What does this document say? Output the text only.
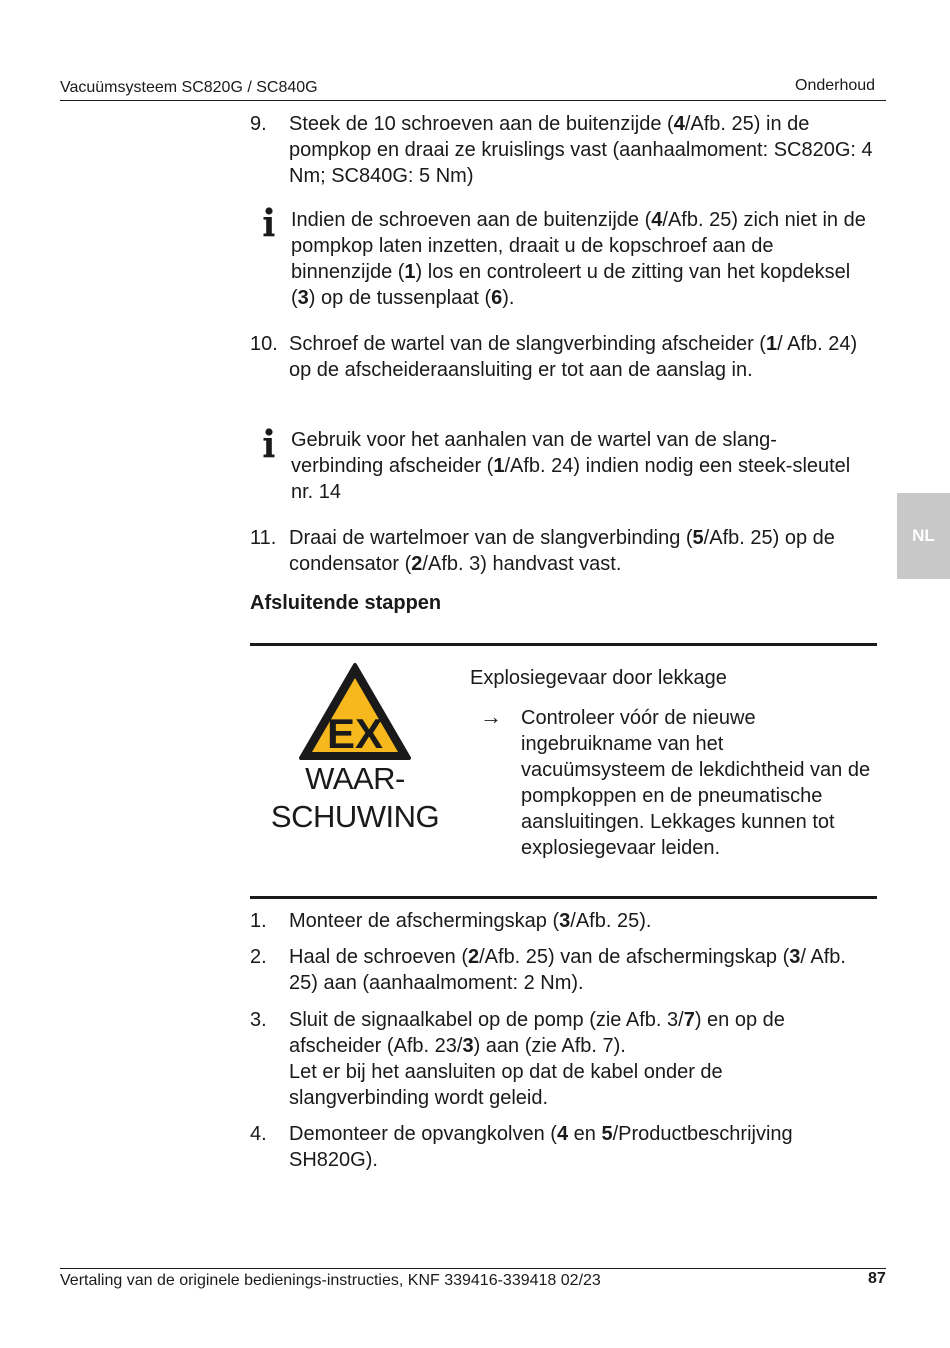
Vacuümsysteem SC820G / SC840G	Onderhoud
NL
9. Steek de 10 schroeven aan de buitenzijde (4/Afb. 25) in de pompkop en draai ze kruislings vast (aanhaalmoment: SC820G: 4 Nm; SC840G: 5 Nm)
Indien de schroeven aan de buitenzijde (4/Afb. 25) zich niet in de pompkop laten inzetten, draait u de kopschroef aan de binnenzijde (1) los en controleert u de zitting van het kopdeksel (3) op de tussenplaat (6).
10. Schroef de wartel van de slangverbinding afscheider (1/ Afb. 24) op de afscheideraansluiting er tot aan de aanslag in.
Gebruik voor het aanhalen van de wartel van de slang-verbinding afscheider (1/Afb. 24) indien nodig een steek-sleutel nr. 14
11. Draai de wartelmoer van de slangverbinding (5/Afb. 25) op de condensator (2/Afb. 3) handvast vast.
Afsluitende stappen
EX
WAAR-
SCHUWING
Explosiegevaar door lekkage
→ Controleer vóór de nieuwe ingebruikname van het vacuümsysteem de lekdichtheid van de pompkoppen en de pneumatische aansluitingen. Lekkages kunnen tot explosiegevaar leiden.
1. Monteer de afschermingskap (3/Afb. 25).
2. Haal de schroeven (2/Afb. 25) van de afschermingskap (3/ Afb. 25) aan (aanhaalmoment: 2 Nm).
3. Sluit de signaalkabel op de pomp (zie Afb. 3/7) en op de afscheider (Afb. 23/3) aan (zie Afb. 7).
Let er bij het aansluiten op dat de kabel onder de slangverbinding wordt geleid.
4. Demonteer de opvangkolven (4 en 5/Productbeschrijving SH820G).
Vertaling van de originele bedienings-instructies, KNF 339416-339418 02/23	87
